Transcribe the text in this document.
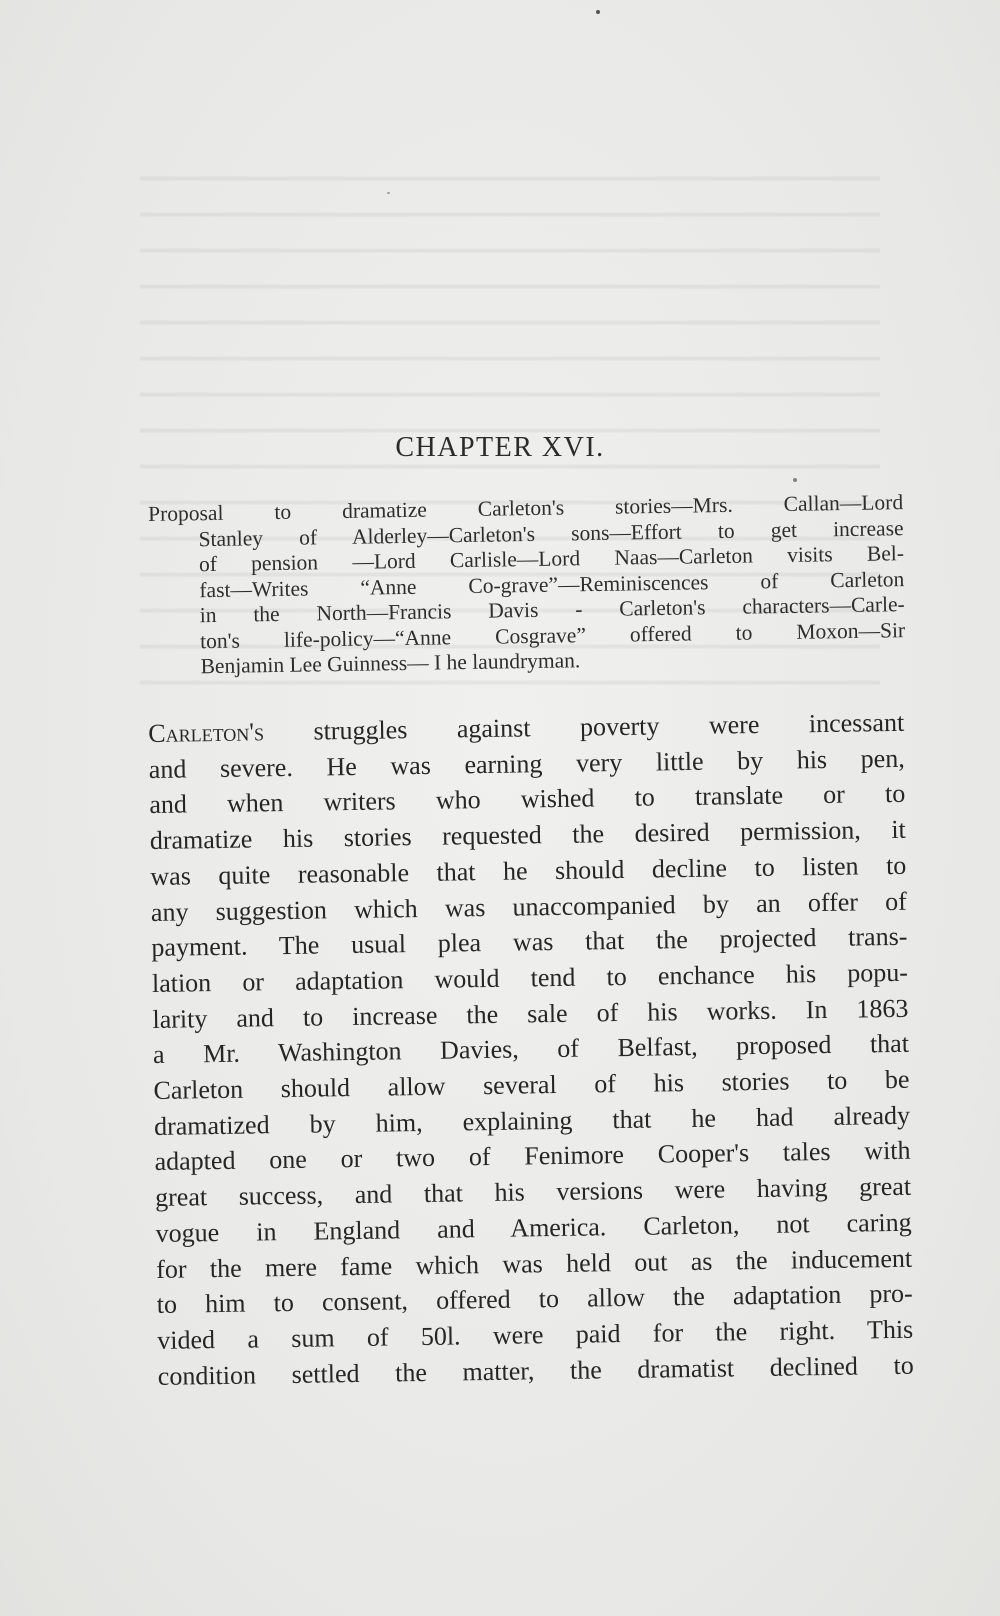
CHAPTER XVI.
Proposal to dramatize Carleton's stories—Mrs. Callan—Lord
Stanley of Alderley—Carleton's sons—Effort to get increase
of pension —Lord Carlisle—Lord Naas—Carleton visits Bel-
fast—Writes “Anne Co-grave”—Reminiscences of Carleton
in the North—Francis Davis - Carleton's characters—Carle-
ton's life-policy—“Anne Cosgrave” offered to Moxon—Sir
Benjamin Lee Guinness— I he laundryman.
Carleton's struggles against poverty were incessant
and severe. He was earning very little by his pen,
and when writers who wished to translate or to
dramatize his stories requested the desired permission, it
was quite reasonable that he should decline to listen to
any suggestion which was unaccompanied by an offer of
payment. The usual plea was that the projected trans-
lation or adaptation would tend to enchance his popu-
larity and to increase the sale of his works. In 1863
a Mr. Washington Davies, of Belfast, proposed that
Carleton should allow several of his stories to be
dramatized by him, explaining that he had already
adapted one or two of Fenimore Cooper's tales with
great success, and that his versions were having great
vogue in England and America. Carleton, not caring
for the mere fame which was held out as the inducement
to him to consent, offered to allow the adaptation pro-
vided a sum of 50l. were paid for the right. This
condition settled the matter, the dramatist declined to
